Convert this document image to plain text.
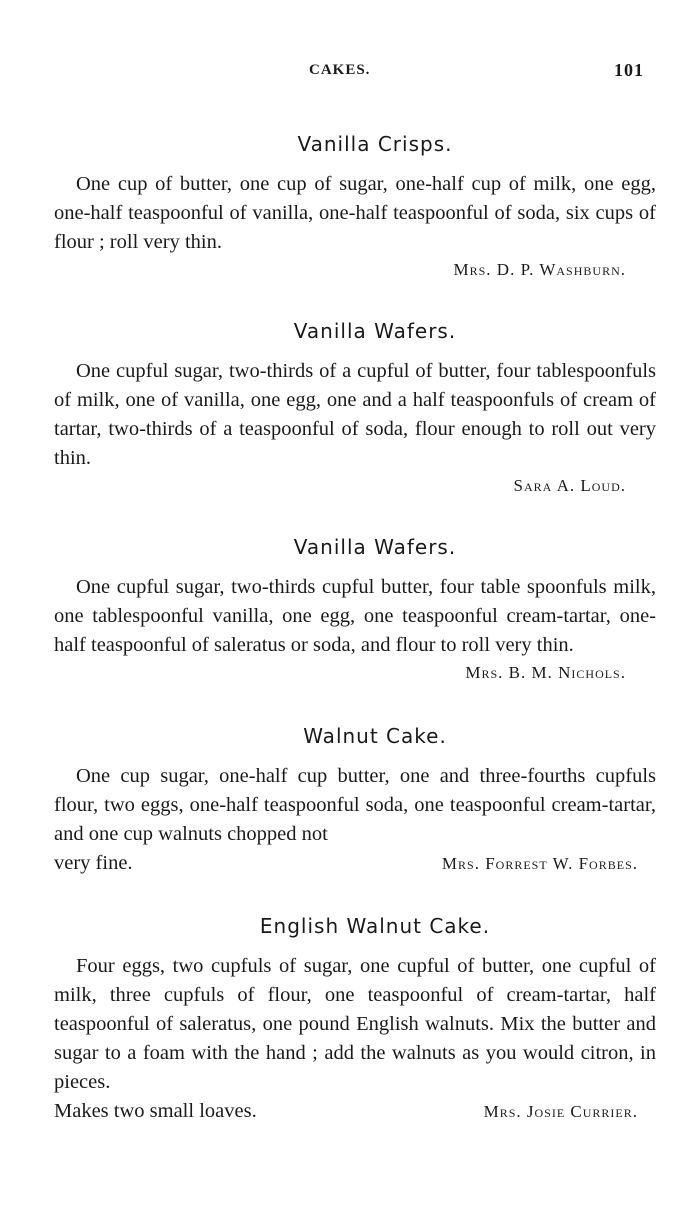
CAKES.	101
Vanilla Crisps.

One cup of butter, one cup of sugar, one-half cup of milk, one egg, one-half teaspoonful of vanilla, one-half teaspoonful of soda, six cups of flour ; roll very thin.

Mrs. D. P. Washburn.

Vanilla Wafers.

One cupful sugar, two-thirds of a cupful of butter, four tablespoonfuls of milk, one of vanilla, one egg, one and a half teaspoonfuls of cream of tartar, two-thirds of a teaspoonful of soda, flour enough to roll out very thin.

Sara A. Loud.

Vanilla Wafers.

One cupful sugar, two-thirds cupful butter, four table spoonfuls milk, one tablespoonful vanilla, one egg, one teaspoonful cream-tartar, one-half teaspoonful of saleratus or soda, and flour to roll very thin.

Mrs. B. M. Nichols.

Walnut Cake.

One cup sugar, one-half cup butter, one and three-fourths cupfuls flour, two eggs, one-half teaspoonful soda, one teaspoonful cream-tartar, and one cup walnuts chopped not

very fine.	Mrs. Forrest W. Forbes.
English Walnut Cake.

Four eggs, two cupfuls of sugar, one cupful of butter, one cupful of milk, three cupfuls of flour, one teaspoonful of cream-tartar, half teaspoonful of saleratus, one pound English walnuts. Mix the butter and sugar to a foam with the hand ; add the walnuts as you would citron, in pieces.

Makes two small loaves.	Mrs. Josie Currier.
